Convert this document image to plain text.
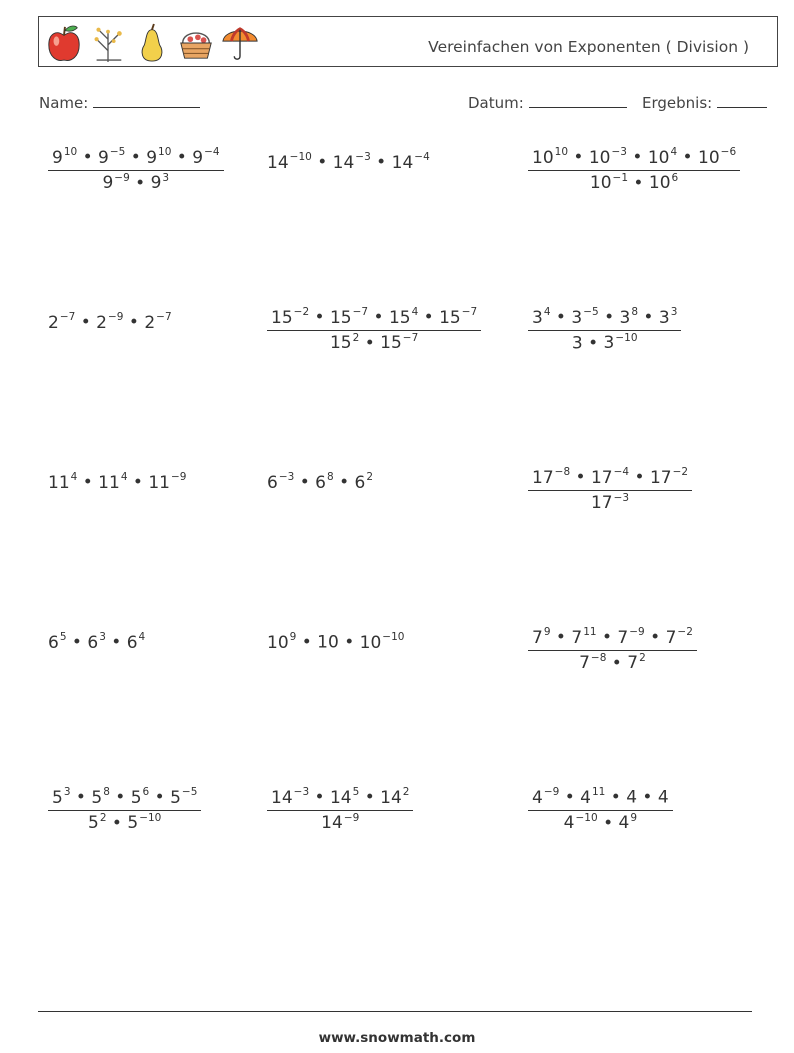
Vereinfachen von Exponenten ( Division )
Name:	Datum:	Ergebnis:
$\frac{9^{10} • 9^{-5} • 9^{10} • 9^{-4}}{9^{-9} • 9^3}$	$14^{-10}$ • $14^{-3}$ • $14^{-4}$	$\frac{10^{10} • 10^{-3} • 10^4 • 10^{-6}}{10^{-1} • 10^6}$
$2^{-7}$ • $2^{-9}$ • $2^{-7}$	$\frac{15^{-2} • 15^{-7} • 15^4 • 15^{-7}}{15^2 • 15^{-7}}$	$\frac{3^4 • 3^{-5} • 3^8 • 3^3}{3 • 3^{-10}}$
$11^4$ • $11^4$ • $11^{-9}$	$6^{-3}$ • $6^8$ • $6^2$	$\frac{17^{-8} • 17^{-4} • 17^{-2}}{17^{-3}}$
$6^5$ • $6^3$ • $6^4$	$10^9$ • 10 • $10^{-10}$	$\frac{7^9 • 7^{11} • 7^{-9} • 7^{-2}}{7^{-8} • 7^2}$
$\frac{5^3 • 5^8 • 5^6 • 5^{-5}}{5^2 • 5^{-10}}$	$\frac{14^{-3} • 14^5 • 14^2}{14^{-9}}$	$\frac{4^{-9} • 4^{11} • 4 • 4}{4^{-10} • 4^9}$
www.snowmath.com
